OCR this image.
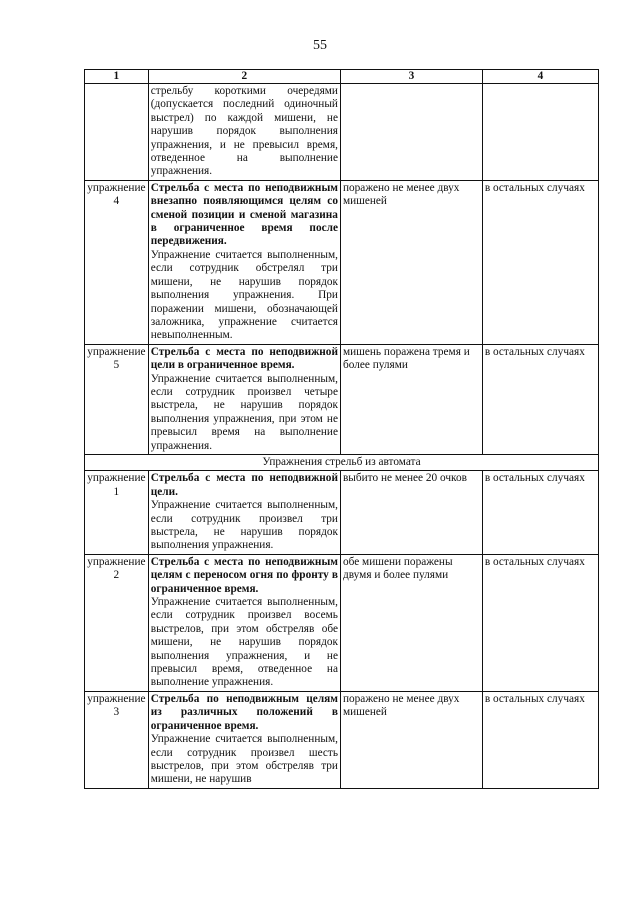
55
1	2	3	4

	стрельбу короткими очередями (допускается последний одиночный выстрел) по каждой мишени, не нарушив порядок выполнения упражнения, и не превысил время, отведенное на выполнение упражнения.		

упражнение 4	Стрельба с места по неподвижным внезапно появляющимся целям со сменой позиции и сменой магазина в ограниченное время после передвижения.
Упражнение считается выполненным, если сотрудник обстрелял три мишени, не нарушив порядок выполнения упражнения. При поражении мишени, обозначающей заложника, упражнение считается невыполненным.	поражено не менее двух мишеней	в остальных случаях
упражнение 5	Стрельба с места по неподвижной цели в ограниченное время.
Упражнение считается выполненным, если сотрудник произвел четыре выстрела, не нарушив порядок выполнения упражнения, при этом не превысил время на выполнение упражнения.	мишень поражена тремя и более пулями	в остальных случаях
Упражнения стрельб из автомата			
упражнение 1	Стрельба с места по неподвижной цели.
Упражнение считается выполненным, если сотрудник произвел три выстрела, не нарушив порядок выполнения упражнения.	выбито не менее 20 очков	в остальных случаях
упражнение 2	Стрельба с места по неподвижным целям с переносом огня по фронту в ограниченное время.
Упражнение считается выполненным, если сотрудник произвел восемь выстрелов, при этом обстреляв обе мишени, не нарушив порядок выполнения упражнения, и не превысил время, отведенное на выполнение упражнения.	обе мишени поражены двумя и более пулями	в остальных случаях
упражнение 3	Стрельба по неподвижным целям из различных положений в ограниченное время.
Упражнение считается выполненным, если сотрудник произвел шесть выстрелов, при этом обстреляв три мишени, не нарушив	поражено не менее двух мишеней	в остальных случаях
